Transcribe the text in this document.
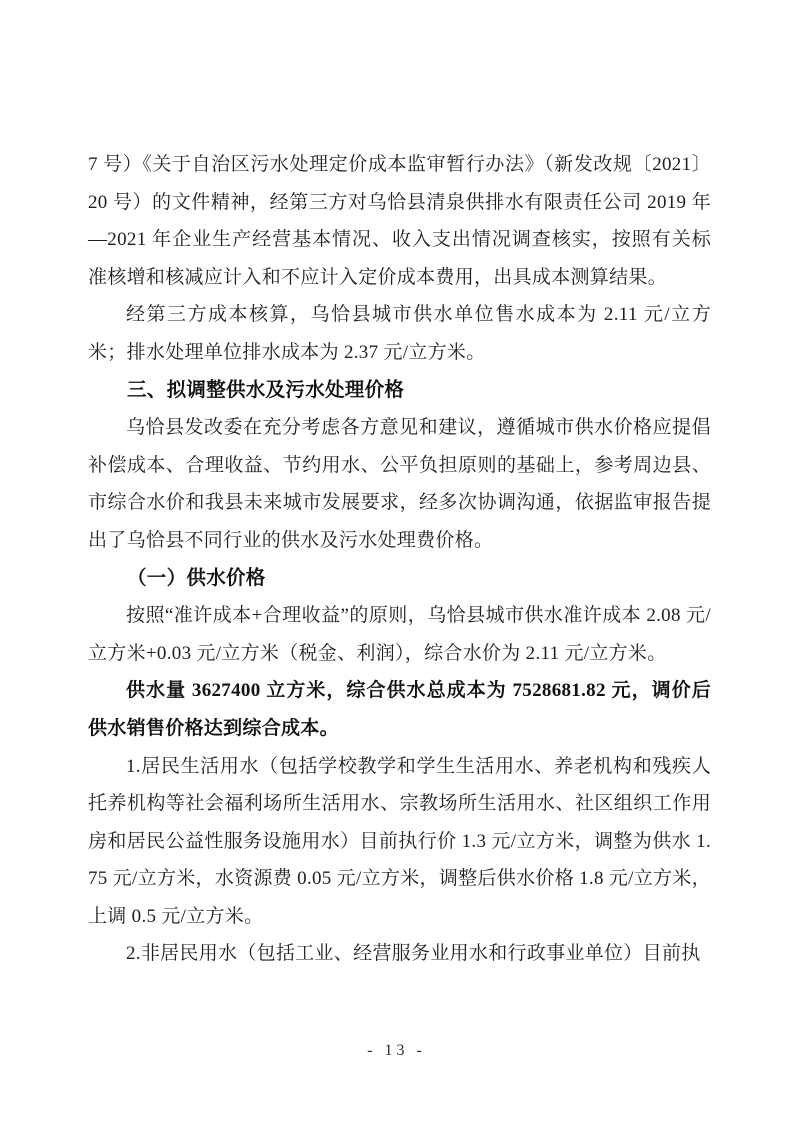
7 号）《关于自治区污水处理定价成本监审暂行办法》（新发改规〔2021〕20 号）的文件精神，经第三方对乌恰县清泉供排水有限责任公司 2019 年—2021 年企业生产经营基本情况、收入支出情况调查核实，按照有关标准核增和核减应计入和不应计入定价成本费用，出具成本测算结果。

经第三方成本核算，乌恰县城市供水单位售水成本为 2.11 元/立方米；排水处理单位排水成本为 2.37 元/立方米。

三、拟调整供水及污水处理价格

乌恰县发改委在充分考虑各方意见和建议，遵循城市供水价格应提倡补偿成本、合理收益、节约用水、公平负担原则的基础上，参考周边县、市综合水价和我县未来城市发展要求，经多次协调沟通，依据监审报告提出了乌恰县不同行业的供水及污水处理费价格。

（一）供水价格

按照“准许成本+合理收益”的原则，乌恰县城市供水准许成本 2.08 元/立方米+0.03 元/立方米（税金、利润），综合水价为 2.11 元/立方米。

供水量 3627400 立方米，综合供水总成本为 7528681.82 元，调价后供水销售价格达到综合成本。

1.居民生活用水（包括学校教学和学生生活用水、养老机构和残疾人托养机构等社会福利场所生活用水、宗教场所生活用水、社区组织工作用房和居民公益性服务设施用水）目前执行价 1.3 元/立方米，调整为供水 1.75 元/立方米，水资源费 0.05 元/立方米，调整后供水价格 1.8 元/立方米，上调 0.5 元/立方米。

2.非居民用水（包括工业、经营服务业用水和行政事业单位）目前执

- 13 -
